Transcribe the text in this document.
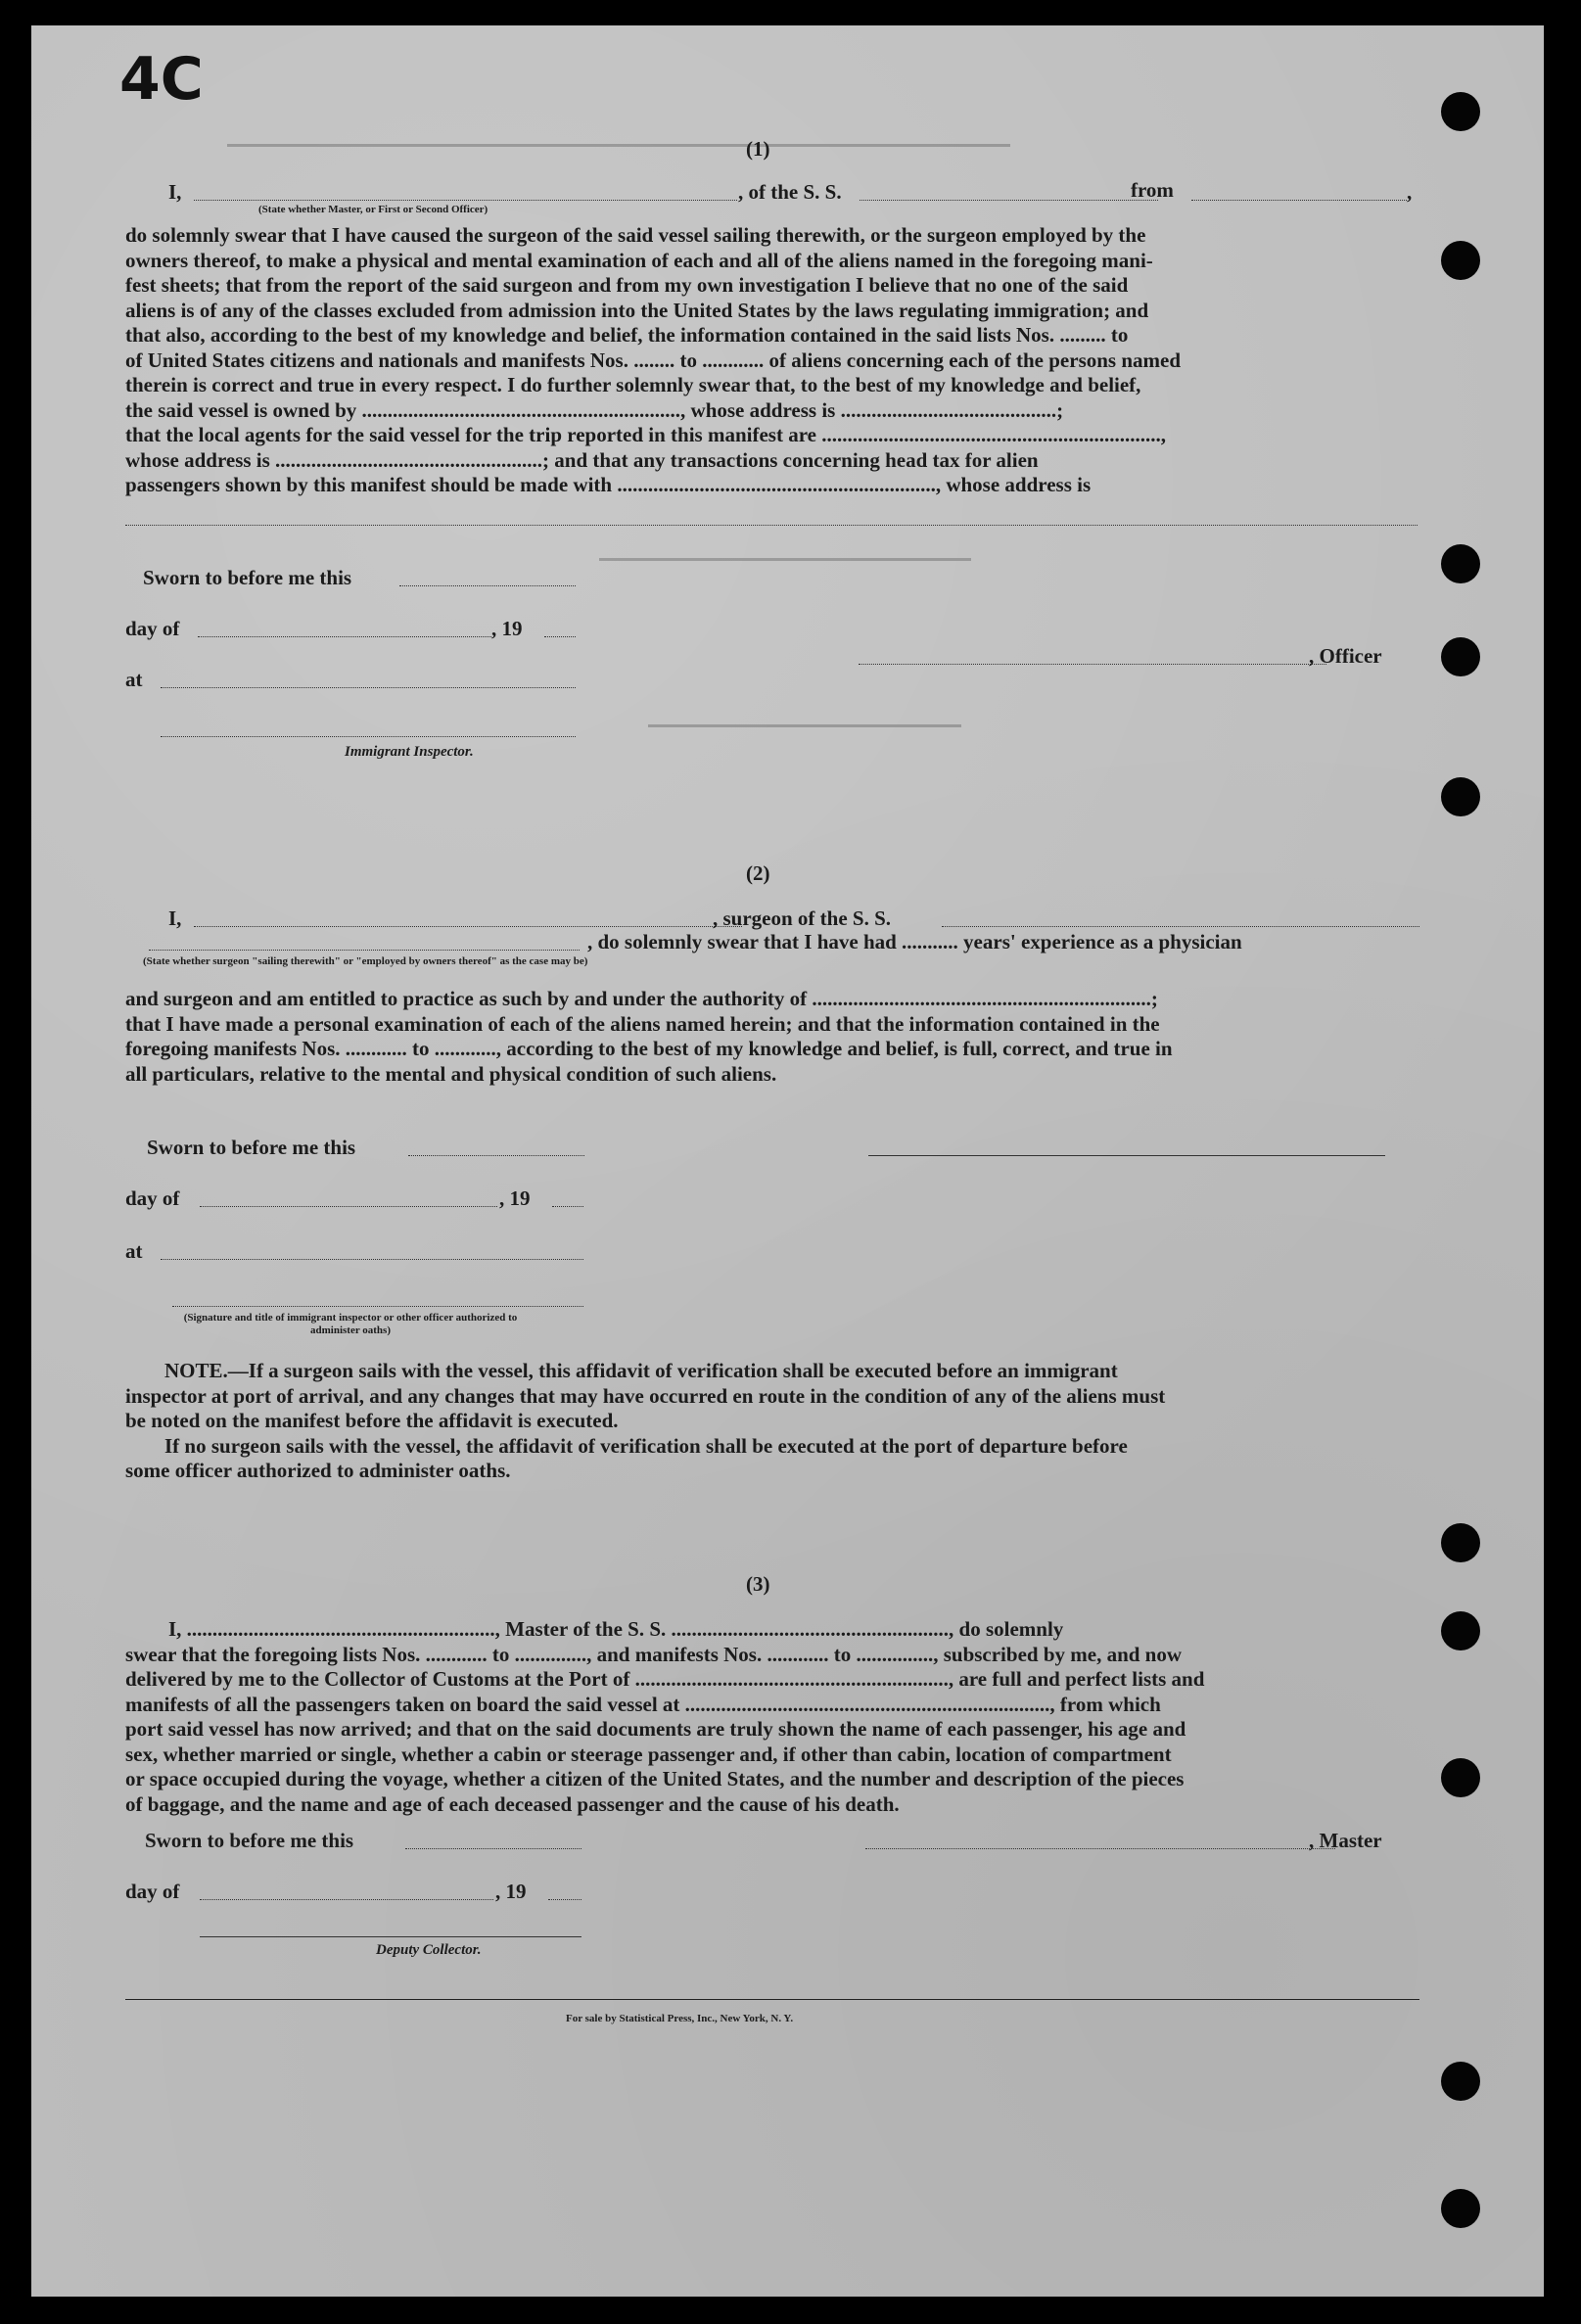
4C
(1)
I,	, of the S. S.	from	,
(State whether Master, or First or Second Officer)
do solemnly swear that I have caused the surgeon of the said vessel sailing therewith, or the surgeon employed by the
owners thereof, to make a physical and mental examination of each and all of the aliens named in the foregoing mani-
fest sheets; that from the report of the said surgeon and from my own investigation I believe that no one of the said
aliens is of any of the classes excluded from admission into the United States by the laws regulating immigration; and
that also, according to the best of my knowledge and belief, the information contained in the said lists Nos. ......... to
of United States citizens and nationals and manifests Nos. ........ to ............ of aliens concerning each of the persons named
therein is correct and true in every respect. I do further solemnly swear that, to the best of my knowledge and belief,
the said vessel is owned by .............................................................., whose address is ..........................................;
that the local agents for the said vessel for the trip reported in this manifest are ..................................................................,
whose address is ....................................................; and that any transactions concerning head tax for alien
passengers shown by this manifest should be made with .............................................................., whose address is
Sworn to before me this
day of	, 19
at
, Officer
Immigrant Inspector.
(2)
I,	, surgeon of the S. S.
, do solemnly swear that I have had ........... years' experience as a physician
(State whether surgeon "sailing therewith" or "employed by owners thereof" as the case may be)
and surgeon and am entitled to practice as such by and under the authority of ..................................................................;
that I have made a personal examination of each of the aliens named herein; and that the information contained in the
foregoing manifests Nos. ............ to ............, according to the best of my knowledge and belief, is full, correct, and true in
all particulars, relative to the mental and physical condition of such aliens.
Sworn to before me this
day of	, 19
at
(Signature and title of immigrant inspector or other officer authorized to administer oaths)
NOTE.—If a surgeon sails with the vessel, this affidavit of verification shall be executed before an immigrant
inspector at port of arrival, and any changes that may have occurred en route in the condition of any of the aliens must
be noted on the manifest before the affidavit is executed.
If no surgeon sails with the vessel, the affidavit of verification shall be executed at the port of departure before
some officer authorized to administer oaths.
(3)
I, ............................................................, Master of the S. S. ......................................................, do solemnly
swear that the foregoing lists Nos. ............ to .............., and manifests Nos. ............ to ..............., subscribed by me, and now
delivered by me to the Collector of Customs at the Port of ............................................................., are full and perfect lists and
manifests of all the passengers taken on board the said vessel at ......................................................................., from which
port said vessel has now arrived; and that on the said documents are truly shown the name of each passenger, his age and
sex, whether married or single, whether a cabin or steerage passenger and, if other than cabin, location of compartment
or space occupied during the voyage, whether a citizen of the United States, and the number and description of the pieces
of baggage, and the name and age of each deceased passenger and the cause of his death.
Sworn to before me this	, Master
day of	, 19
Deputy Collector.
For sale by Statistical Press, Inc., New York, N. Y.
